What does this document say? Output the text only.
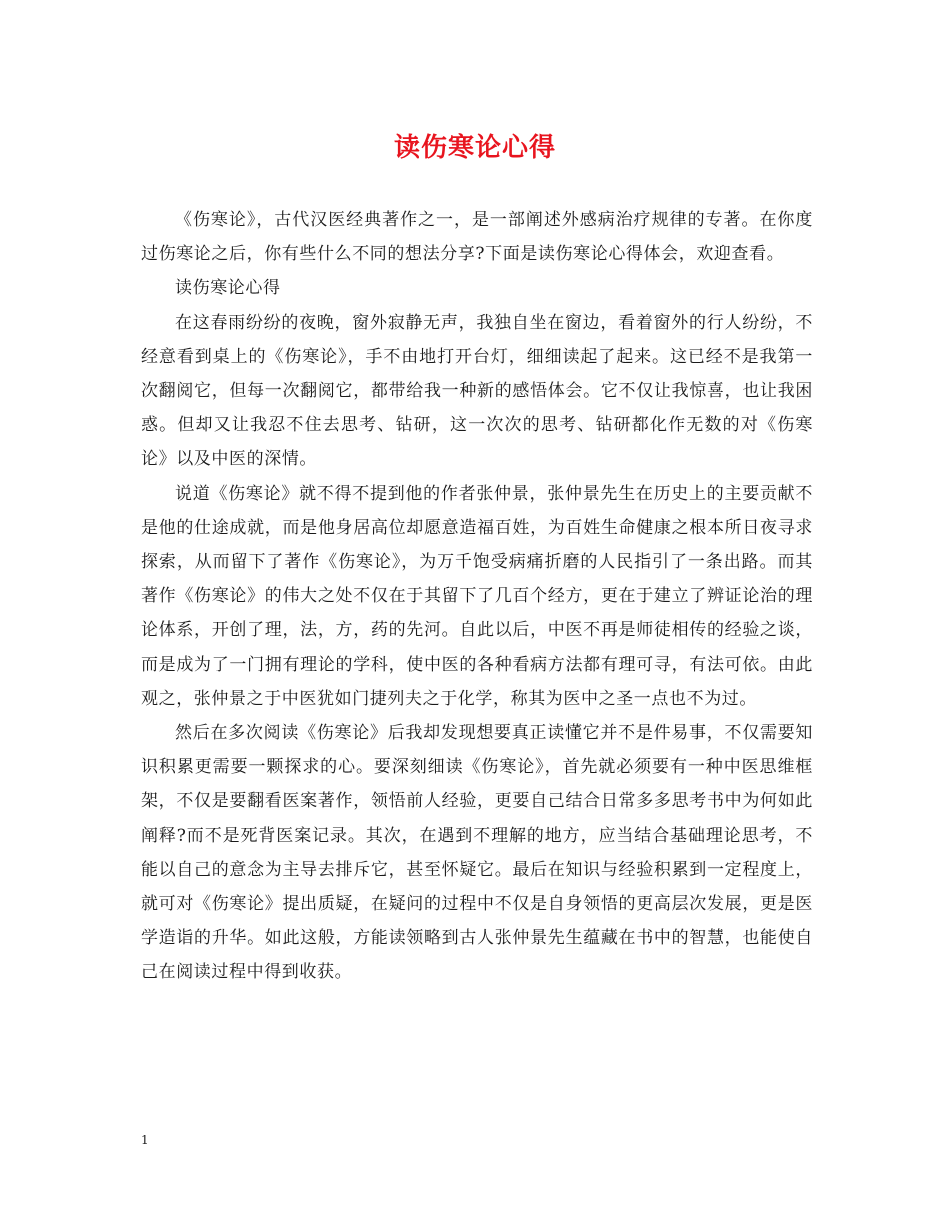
读伤寒论心得

《伤寒论》，古代汉医经典著作之一，是一部阐述外感病治疗规律的专著。在你度过伤寒论之后，你有些什么不同的想法分享?下面是读伤寒论心得体会，欢迎查看。

读伤寒论心得

在这春雨纷纷的夜晚，窗外寂静无声，我独自坐在窗边，看着窗外的行人纷纷，不经意看到桌上的《伤寒论》，手不由地打开台灯，细细读起了起来。这已经不是我第一次翻阅它，但每一次翻阅它，都带给我一种新的感悟体会。它不仅让我惊喜，也让我困惑。但却又让我忍不住去思考、钻研，这一次次的思考、钻研都化作无数的对《伤寒论》以及中医的深情。

说道《伤寒论》就不得不提到他的作者张仲景，张仲景先生在历史上的主要贡献不是他的仕途成就，而是他身居高位却愿意造福百姓，为百姓生命健康之根本所日夜寻求探索，从而留下了著作《伤寒论》，为万千饱受病痛折磨的人民指引了一条出路。而其著作《伤寒论》的伟大之处不仅在于其留下了几百个经方，更在于建立了辨证论治的理论体系，开创了理，法，方，药的先河。自此以后，中医不再是师徒相传的经验之谈，而是成为了一门拥有理论的学科，使中医的各种看病方法都有理可寻，有法可依。由此观之，张仲景之于中医犹如门捷列夫之于化学，称其为医中之圣一点也不为过。

然后在多次阅读《伤寒论》后我却发现想要真正读懂它并不是件易事，不仅需要知识积累更需要一颗探求的心。要深刻细读《伤寒论》，首先就必须要有一种中医思维框架，不仅是要翻看医案著作，领悟前人经验，更要自己结合日常多多思考书中为何如此阐释?而不是死背医案记录。其次，在遇到不理解的地方，应当结合基础理论思考，不能以自己的意念为主导去排斥它，甚至怀疑它。最后在知识与经验积累到一定程度上，就可对《伤寒论》提出质疑，在疑问的过程中不仅是自身领悟的更高层次发展，更是医学造诣的升华。如此这般，方能读领略到古人张仲景先生蕴藏在书中的智慧，也能使自己在阅读过程中得到收获。

1
